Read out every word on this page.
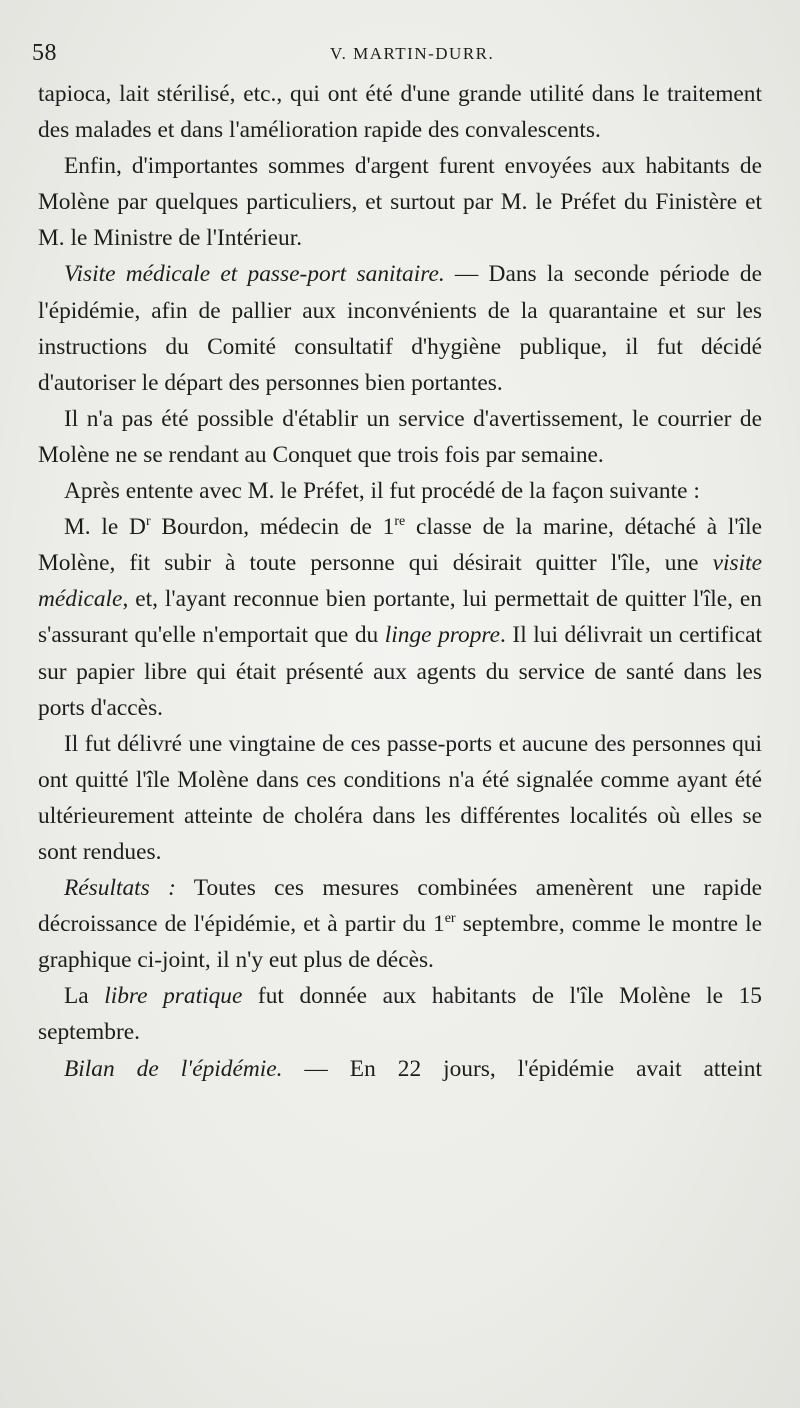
58	V. MARTIN-DURR.

tapioca, lait stérilisé, etc., qui ont été d'une grande utilité dans le traitement des malades et dans l'amélioration rapide des convalescents.

Enfin, d'importantes sommes d'argent furent envoyées aux habitants de Molène par quelques particuliers, et surtout par M. le Préfet du Finistère et M. le Ministre de l'Intérieur.

Visite médicale et passe-port sanitaire. — Dans la seconde période de l'épidémie, afin de pallier aux inconvénients de la quarantaine et sur les instructions du Comité consultatif d'hygiène publique, il fut décidé d'autoriser le départ des personnes bien portantes.

Il n'a pas été possible d'établir un service d'avertissement, le courrier de Molène ne se rendant au Conquet que trois fois par semaine.

Après entente avec M. le Préfet, il fut procédé de la façon suivante :

M. le $D^r$ Bourdon, médecin de 1re classe de la marine, détaché à l'île Molène, fit subir à toute personne qui désirait quitter l'île, une visite médicale, et, l'ayant reconnue bien portante, lui permettait de quitter l'île, en s'assurant qu'elle n'emportait que du linge propre. Il lui délivrait un certificat sur papier libre qui était présenté aux agents du service de santé dans les ports d'accès.

Il fut délivré une vingtaine de ces passe-ports et aucune des personnes qui ont quitté l'île Molène dans ces conditions n'a été signalée comme ayant été ultérieurement atteinte de choléra dans les différentes localités où elles se sont rendues.

Résultats : Toutes ces mesures combinées amenèrent une rapide décroissance de l'épidémie, et à partir du 1er septembre, comme le montre le graphique ci-joint, il n'y eut plus de décès.

La libre pratique fut donnée aux habitants de l'île Molène le 15 septembre.

Bilan de l'épidémie. — En 22 jours, l'épidémie avait atteint
